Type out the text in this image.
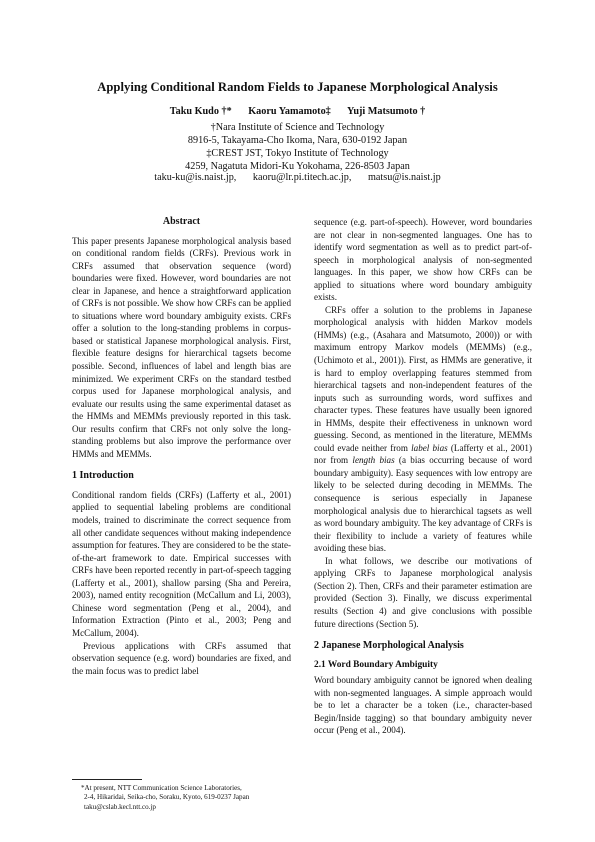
Applying Conditional Random Fields to Japanese Morphological Analysis
Taku Kudo †* Kaoru Yamamoto‡ Yuji Matsumoto †
†Nara Institute of Science and Technology
8916-5, Takayama-Cho Ikoma, Nara, 630-0192 Japan
‡CREST JST, Tokyo Institute of Technology
taku-ku@is.naist.jp, kaoru@lr.pi.titech.ac.jp, matsu@is.naist.jp

Abstract

This paper presents Japanese morphological analysis based on conditional random fields (CRFs). Previous work in CRFs assumed that observation sequence (word) boundaries were fixed. However, word boundaries are not clear in Japanese, and hence a straightforward application of CRFs is not possible. We show how CRFs can be applied to situations where word boundary ambiguity exists. CRFs offer a solution to the long-standing problems in corpus-based or statistical Japanese morphological analysis. First, flexible feature designs for hierarchical tagsets become possible. Second, influences of label and length bias are minimized. We experiment CRFs on the standard testbed corpus used for Japanese morphological analysis, and evaluate our results using the same experimental dataset as the HMMs and MEMMs previously reported in this task. Our results confirm that CRFs not only solve the long-standing problems but also improve the performance over HMMs and MEMMs.

1 Introduction

Conditional random fields (CRFs) (Lafferty et al., 2001) applied to sequential labeling problems are conditional models, trained to discriminate the correct sequence from all other candidate sequences without making independence assumption for features. They are considered to be the state-of-the-art framework to date. Empirical successes with CRFs have been reported recently in part-of-speech tagging (Lafferty et al., 2001), shallow parsing (Sha and Pereira, 2003), named entity recognition (McCallum and Li, 2003), Chinese word segmentation (Peng et al., 2004), and Information Extraction (Pinto et al., 2003; Peng and McCallum, 2004).

Previous applications with CRFs assumed that observation sequence (e.g. word) boundaries are fixed, and the main focus was to predict label

sequence (e.g. part-of-speech). However, word boundaries are not clear in non-segmented languages. One has to identify word segmentation as well as to predict part-of-speech in morphological analysis of non-segmented languages. In this paper, we show how CRFs can be applied to situations where word boundary ambiguity exists.

CRFs offer a solution to the problems in Japanese morphological analysis with hidden Markov models (HMMs) (e.g., (Asahara and Matsumoto, 2000)) or with maximum entropy Markov models (MEMMs) (e.g., (Uchimoto et al., 2001)). First, as HMMs are generative, it is hard to employ overlapping features stemmed from hierarchical tagsets and non-independent features of the inputs such as surrounding words, word suffixes and character types. These features have usually been ignored in HMMs, despite their effectiveness in unknown word guessing. Second, as mentioned in the literature, MEMMs could evade neither from label bias (Lafferty et al., 2001) nor from length bias (a bias occurring because of word boundary ambiguity). Easy sequences with low entropy are likely to be selected during decoding in MEMMs. The consequence is serious especially in Japanese morphological analysis due to hierarchical tagsets as well as word boundary ambiguity. The key advantage of CRFs is their flexibility to include a variety of features while avoiding these bias.

In what follows, we describe our motivations of applying CRFs to Japanese morphological analysis (Section 2). Then, CRFs and their parameter estimation are provided (Section 3). Finally, we discuss experimental results (Section 4) and give conclusions with possible future directions (Section 5).

2 Japanese Morphological Analysis

2.1 Word Boundary Ambiguity

Word boundary ambiguity cannot be ignored when dealing with non-segmented languages. A simple approach would be to let a character be a token (i.e., character-based Begin/Inside tagging) so that boundary ambiguity never occur (Peng et al., 2004).

*At present, NTT Communication Science Laboratories,

2-4, Hikaridai, Seika-cho, Soraku, Kyoto, 619-0237 Japan

taku@cslab.kecl.ntt.co.jp

4259, Nagatuta Midori-Ku Yokohama, 226-8503 Japan
